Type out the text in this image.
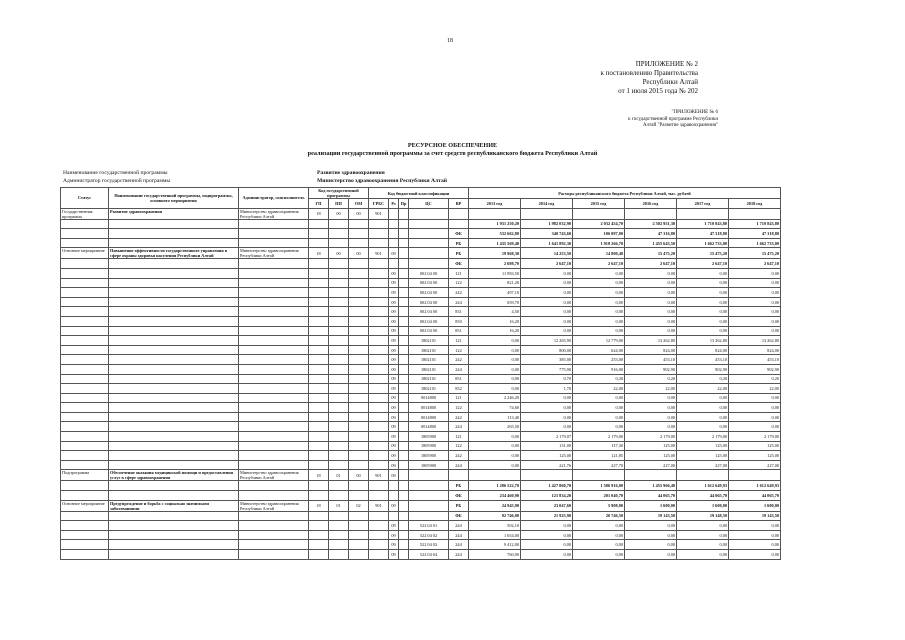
18
ПРИЛОЖЕНИЕ № 2
к постановлению Правительства
Республики Алтай
от 1 июля 2015 года № 202
"ПРИЛОЖЕНИЕ № 6
к государственной программе Республики
Алтай "Развитие здравоохранения"
РЕСУРСНОЕ ОБЕСПЕЧЕНИЕ
реализации государственной программы за счет средств республиканского бюджета Республики Алтай
Наименование государственной программы	Развитие здравоохранения
Администратор государственной программы	Министерство здравоохранения Республики Алтай
Статус	Наименование государственной программы, подпрограммы, основного мероприятия	Администратор, соисполнитель	Код государственной программы			Код бюджетной классификации					Расходы республиканского бюджета Республики Алтай, тыс. рублей					
			ГП	ПП	ОМ	ГРБС	Рз	Пр	ЦС	ВР	2013 год	2014 год	2015 год	2016 год	2017 год	2018 год
Государственная программа	Развитие здравоохранения	Министерство здравоохранения Республики Алтай	18	00	00	901										
											1 931 250,20	1 982 032,90	2 032 454,70	2 502 951,30	1 710 843,80	1 710 843,80
										ФБ	532 662,80	340 743,60	106 097,00	47 316,80	47 318,80	47 318,80
										РБ	1 435 569,40	1 641 892,30	1 918 266,70	1 455 643,50	1 662 733,00	1 662 733,00
Основное мероприятие	Повышение эффективности государственного управления в сфере охраны здоровья населения Республики Алтай	Министерство здравоохранения Республики Алтай	18	00	00	901	09			РБ	19 968,30	14 253,50	14 800,40	15 475,20	15 475,20	15 475,20
										ФБ	2 698,70	2 647,10	2 647,10	2 647,10	2 647,10	2 647,10
							09		002 04 00	121	11 983,50	0,00	0,00	0,00	0,00	0,00
							09		002 04 00	122	821,20	0,00	0,00	0,00	0,00	0,00
							09		002 04 00	242	497,10	0,00	0,00	0,00	0,00	0,00
							09		002 04 00	244	659,70	0,00	0,00	0,00	0,00	0,00
							09		002 04 00	831	4,50	0,00	0,00	0,00	0,00	0,00
							09		002 04 00	850	16,20	0,00	0,00	0,00	0,00	0,00
							09		002 04 00	851	16,20	0,00	0,00	0,00	0,00	0,00
							09		1802101	121	0,00	12 265,90	12 779,00	13 262,80	13 262,80	13 262,80
							09		1802101	122	0,00	800,00	624,00	824,00	824,00	824,00
							09		1802101	242	0,00	385,00	253,00	453,10	453,10	453,10
							09		1802101	244	0,00	775,90	916,00	902,90	902,90	902,90
							09		1802101	851	0,00	0,70	0,20	0,20	0,20	0,20
							09		1802101	852	0,00	1,70	22,00	22,00	22,00	22,00
							09		0014800	121	2 246,20	0,00	0,00	0,00	0,00	0,00
							09		0014800	122	74,60	0,00	0,00	0,00	0,00	0,00
							09		0014800	242	113,40	0,00	0,00	0,00	0,00	0,00
							09		0014800	244	265,50	0,00	0,00	0,00	0,00	0,00
							09		1805900	121	0,00	2 179,07	2 179,00	2 179,00	2 179,00	2 179,00
							09		1805900	122	0,00	131,00	117,30	125,00	125,00	125,00
							09		1805900	242	0,00	125,00	121,85	125,00	125,00	125,00
							09		1805900	244	0,00	221,76	227,70	227,00	227,00	227,00
Подпрограмма	Обеспечение оказания медицинской помощи и предоставления услуг в сфере здравоохранения	Министерство здравоохранения Республики Алтай	18	01	00	901	09									
										РБ	1 286 522,70	1 427 860,70	1 586 916,00	1 455 966,40	1 612 649,93	1 612 649,93
										ФБ	234 460,90	121 834,20	201 040,70	44 065,70	44 065,70	44 065,70
Основное мероприятие	Предупреждение и борьба с социально значимыми заболеваниями	Министерство здравоохранения Республики Алтай	18	01	02	901	09			РБ	24 945,90	23 047,60	5 908,00	1 600,00	1 600,00	1 600,00
										ФБ	92 746,00	21 925,90	20 746,50	19 143,50	19 148,50	19 143,50
							09		522 04 01	244	502,10	0,00	0,00	0,00	0,00	0,00
							09		522 04 02	244	1 654,00	0,00	0,00	0,00	0,00	0,00
							09		522 04 02	244	9 412,00	0,00	0,00	0,00	0,00	0,00
							09		522 04 04	244	760,00	0,00	0,00	0,00	0,00	0,00
